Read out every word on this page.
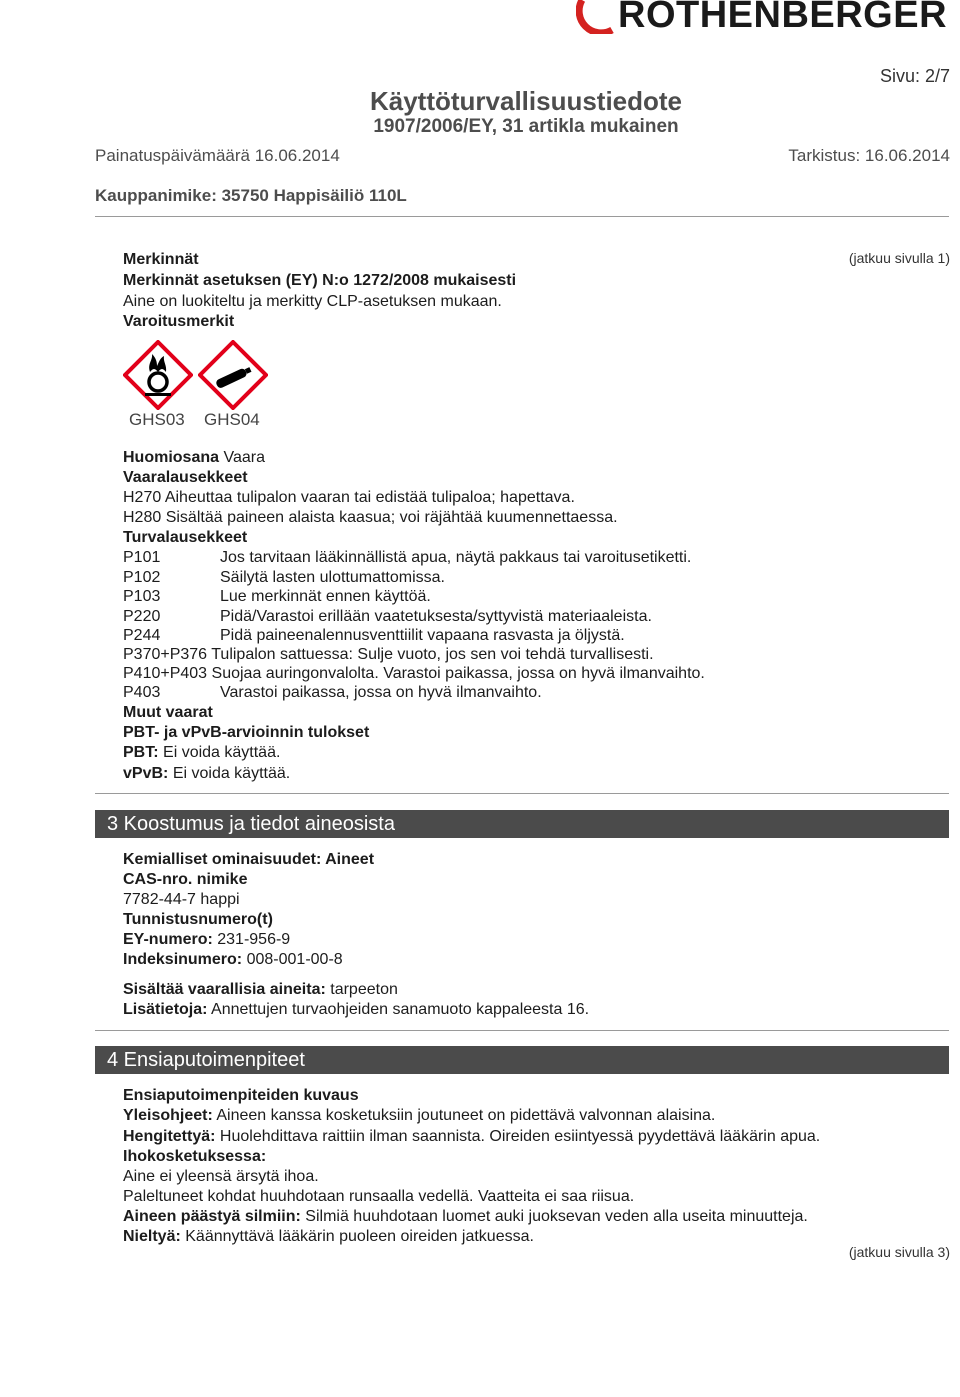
ROTHENBERGER
Sivu: 2/7
Käyttöturvallisuustiedote
1907/2006/EY, 31 artikla mukainen
Painatuspäivämäärä 16.06.2014	Tarkistus: 16.06.2014
Kauppanimike: 35750 Happisäiliö 110L
(jatkuu sivulla 1)
Merkinnät
Merkinnät asetuksen (EY) N:o 1272/2008 mukaisesti
Aine on luokiteltu ja merkitty CLP-asetuksen mukaan.
Varoitusmerkit
GHS03 GHS04
Huomiosana Vaara
Vaaralausekkeet
H270 Aiheuttaa tulipalon vaaran tai edistää tulipaloa; hapettava.
H280 Sisältää paineen alaista kaasua; voi räjähtää kuumennettaessa.
Turvalausekkeet
P101	Jos tarvitaan lääkinnällistä apua, näytä pakkaus tai varoitusetiketti.
P102	Säilytä lasten ulottumattomissa.
P103	Lue merkinnät ennen käyttöä.
P220	Pidä/Varastoi erillään vaatetuksesta/syttyvistä materiaaleista.
P244	Pidä paineenalennusventtiilit vapaana rasvasta ja öljystä.
P370+P376 Tulipalon sattuessa: Sulje vuoto, jos sen voi tehdä turvallisesti.
P410+P403 Suojaa auringonvalolta. Varastoi paikassa, jossa on hyvä ilmanvaihto.
P403	Varastoi paikassa, jossa on hyvä ilmanvaihto.
Muut vaarat
PBT- ja vPvB-arvioinnin tulokset
PBT: Ei voida käyttää.
vPvB: Ei voida käyttää.
3 Koostumus ja tiedot aineosista
Kemialliset ominaisuudet: Aineet
CAS-nro. nimike
7782-44-7 happi
Tunnistusnumero(t)
EY-numero: 231-956-9
Indeksinumero: 008-001-00-8
Sisältää vaarallisia aineita: tarpeeton
Lisätietoja: Annettujen turvaohjeiden sanamuoto kappaleesta 16.
4 Ensiaputoimenpiteet
Ensiaputoimenpiteiden kuvaus
Yleisohjeet: Aineen kanssa kosketuksiin joutuneet on pidettävä valvonnan alaisina.
Hengitettyä: Huolehdittava raittiin ilman saannista. Oireiden esiintyessä pyydettävä lääkärin apua.
Ihokosketuksessa:
Aine ei yleensä ärsytä ihoa.
Paleltuneet kohdat huuhdotaan runsaalla vedellä. Vaatteita ei saa riisua.
Aineen päästyä silmiin: Silmiä huuhdotaan luomet auki juoksevan veden alla useita minuutteja.
Nieltyä: Käännyttävä lääkärin puoleen oireiden jatkuessa.
(jatkuu sivulla 3)
